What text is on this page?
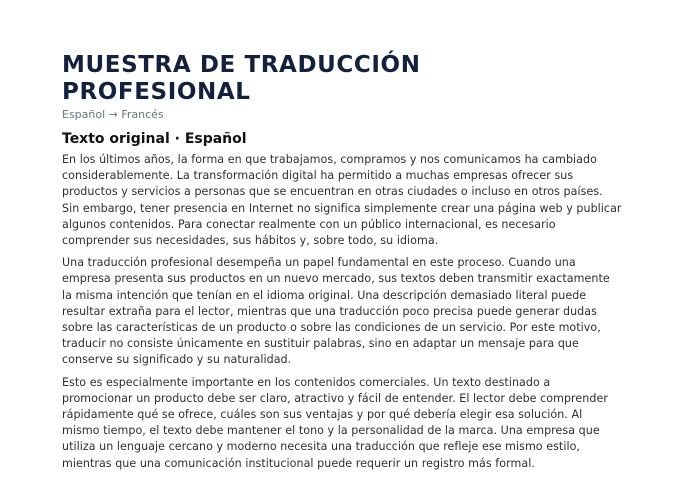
MUESTRA DE TRADUCCIÓN
PROFESIONAL

Español → Francés

Texto original · Español

En los últimos años, la forma en que trabajamos, compramos y nos comunicamos ha cambiado considerablemente. La transformación digital ha permitido a muchas empresas ofrecer sus productos y servicios a personas que se encuentran en otras ciudades o incluso en otros países. Sin embargo, tener presencia en Internet no significa simplemente crear una página web y publicar algunos contenidos. Para conectar realmente con un público internacional, es necesario comprender sus necesidades, sus hábitos y, sobre todo, su idioma.

Una traducción profesional desempeña un papel fundamental en este proceso. Cuando una empresa presenta sus productos en un nuevo mercado, sus textos deben transmitir exactamente la misma intención que tenían en el idioma original. Una descripción demasiado literal puede resultar extraña para el lector, mientras que una traducción poco precisa puede generar dudas sobre las características de un producto o sobre las condiciones de un servicio. Por este motivo, traducir no consiste únicamente en sustituir palabras, sino en adaptar un mensaje para que conserve su significado y su naturalidad.

Esto es especialmente importante en los contenidos comerciales. Un texto destinado a promocionar un producto debe ser claro, atractivo y fácil de entender. El lector debe comprender rápidamente qué se ofrece, cuáles son sus ventajas y por qué debería elegir esa solución. Al mismo tiempo, el texto debe mantener el tono y la personalidad de la marca. Una empresa que utiliza un lenguaje cercano y moderno necesita una traducción que refleje ese mismo estilo, mientras que una comunicación institucional puede requerir un registro más formal.
